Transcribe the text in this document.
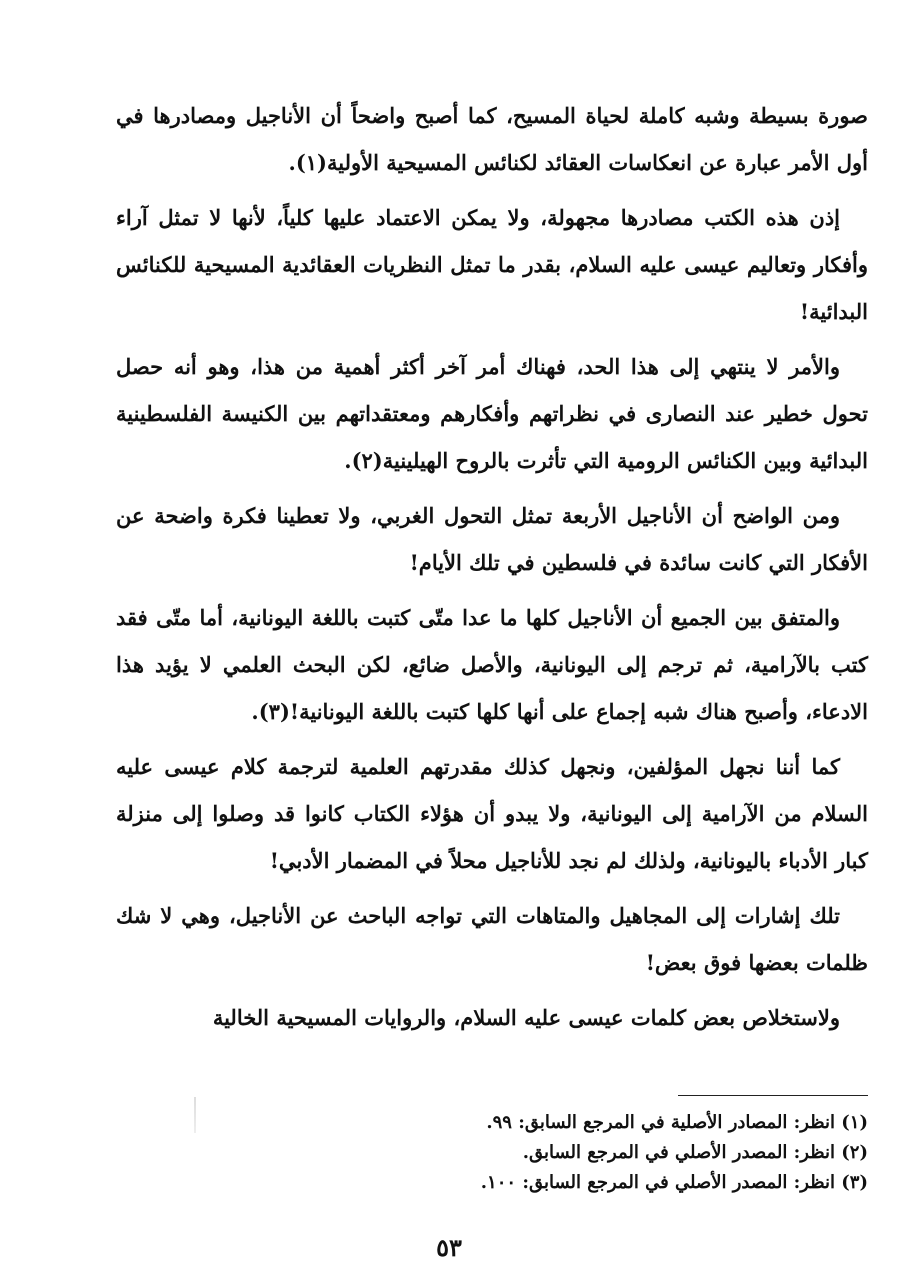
صورة بسيطة وشبه كاملة لحياة المسيح، كما أصبح واضحاً أن الأناجيل ومصادرها في أول الأمر عبارة عن انعكاسات العقائد لكنائس المسيحية الأولية(١).

إذن هذه الكتب مصادرها مجهولة، ولا يمكن الاعتماد عليها كلياً، لأنها لا تمثل آراء وأفكار وتعاليم عيسى عليه السلام، بقدر ما تمثل النظريات العقائدية المسيحية للكنائس البدائية!

والأمر لا ينتهي إلى هذا الحد، فهناك أمر آخر أكثر أهمية من هذا، وهو أنه حصل تحول خطير عند النصارى في نظراتهم وأفكارهم ومعتقداتهم بين الكنيسة الفلسطينية البدائية وبين الكنائس الرومية التي تأثرت بالروح الهيلينية(٢).

ومن الواضح أن الأناجيل الأربعة تمثل التحول الغربي، ولا تعطينا فكرة واضحة عن الأفكار التي كانت سائدة في فلسطين في تلك الأيام!

والمتفق بين الجميع أن الأناجيل كلها ما عدا متّى كتبت باللغة اليونانية، أما متّى فقد كتب بالآرامية، ثم ترجم إلى اليونانية، والأصل ضائع، لكن البحث العلمي لا يؤيد هذا الادعاء، وأصبح هناك شبه إجماع على أنها كلها كتبت باللغة اليونانية!(٣).

كما أننا نجهل المؤلفين، ونجهل كذلك مقدرتهم العلمية لترجمة كلام عيسى عليه السلام من الآرامية إلى اليونانية، ولا يبدو أن هؤلاء الكتاب كانوا قد وصلوا إلى منزلة كبار الأدباء باليونانية، ولذلك لم نجد للأناجيل محلاً في المضمار الأدبي!

تلك إشارات إلى المجاهيل والمتاهات التي تواجه الباحث عن الأناجيل، وهي لا شك ظلمات بعضها فوق بعض!

ولاستخلاص بعض كلمات عيسى عليه السلام، والروايات المسيحية الخالية

(١) انظر: المصادر الأصلية في المرجع السابق: ٩٩.
(٢) انظر: المصدر الأصلي في المرجع السابق.
(٣) انظر: المصدر الأصلي في المرجع السابق: ١٠٠.
٥٣
